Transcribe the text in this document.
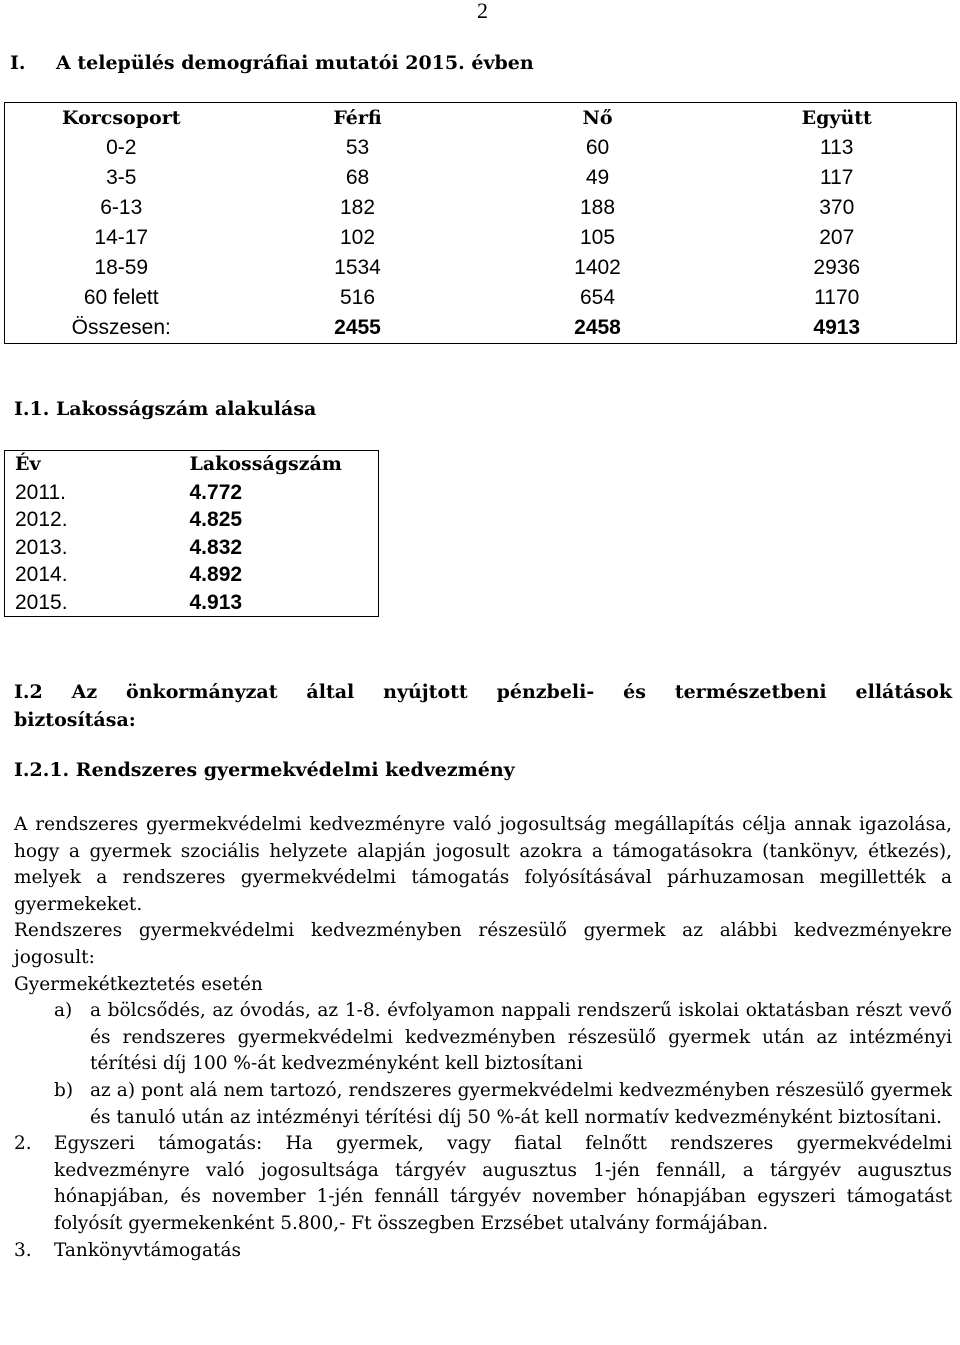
2
I. A település demográfiai mutatói 2015. évben
Korcsoport	Férfi	Nő	Együtt
0-2	53	60	113
3-5	68	49	117
6-13	182	188	370
14-17	102	105	207
18-59	1534	1402	2936
60 felett	516	654	1170
Összesen:	2455	2458	4913
I.1. Lakosságszám alakulása
Év	Lakosságszám
2011.	4.772
2012.	4.825
2013.	4.832
2014.	4.892
2015.	4.913
I.2 Az önkormányzat által nyújtott pénzbeli- és természetbeni ellátások
biztosítása:
I.2.1. Rendszeres gyermekvédelmi kedvezmény
A rendszeres gyermekvédelmi kedvezményre való jogosultság megállapítás célja annak igazolása, hogy a gyermek szociális helyzete alapján jogosult azokra a támogatásokra (tankönyv, étkezés), melyek a rendszeres gyermekvédelmi támogatás folyósításával párhuzamosan megillették a gyermekeket.
Rendszeres gyermekvédelmi kedvezményben részesülő gyermek az alábbi kedvezményekre jogosult:
Gyermekétkeztetés esetén
a) a bölcsődés, az óvodás, az 1-8. évfolyamon nappali rendszerű iskolai oktatásban részt vevő és rendszeres gyermekvédelmi kedvezményben részesülő gyermek után az intézményi térítési díj 100 %-át kedvezményként kell biztosítani
b) az a) pont alá nem tartozó, rendszeres gyermekvédelmi kedvezményben részesülő gyermek és tanuló után az intézményi térítési díj 50 %-át kell normatív kedvezményként biztosítani.
2. Egyszeri támogatás: Ha gyermek, vagy fiatal felnőtt rendszeres gyermekvédelmi kedvezményre való jogosultsága tárgyév augusztus 1-jén fennáll, a tárgyév augusztus hónapjában, és november 1-jén fennáll tárgyév november hónapjában egyszeri támogatást folyósít gyermekenként 5.800,- Ft összegben Erzsébet utalvány formájában.
3. Tankönyvtámogatás
